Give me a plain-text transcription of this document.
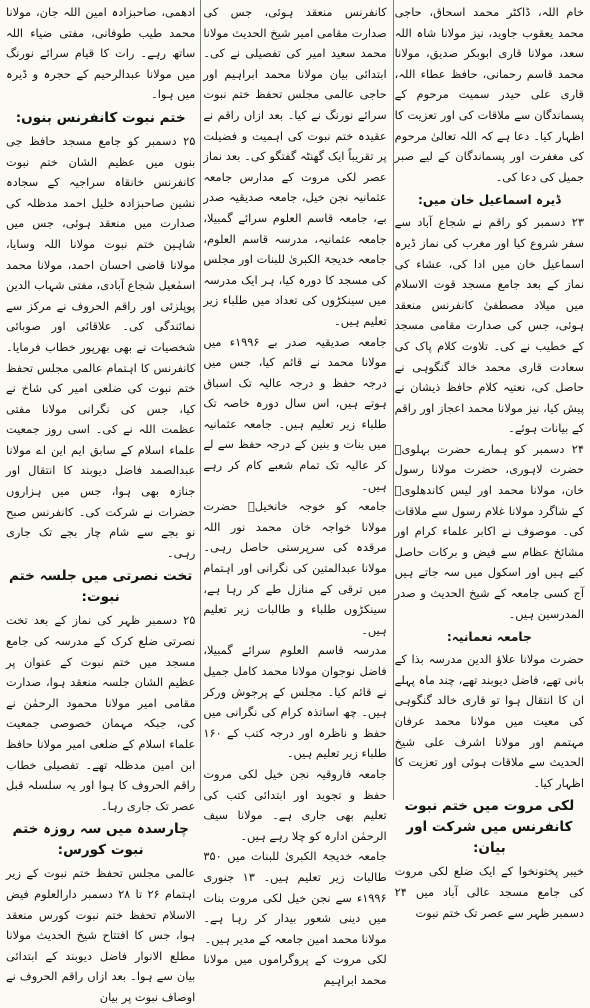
خام اللہ، ڈاکٹر محمد اسحاق، حاجی محمد یعقوب جاوید، نیز مولانا شاہ اللہ سعد، مولانا قاری ابوبکر صدیق، مولانا محمد قاسم رحمانی، حافظ عطاء اللہ، قاری علی حیدر سمیت مرحوم کے پسماندگان سے ملاقات کی اور تعزیت کا اظہار کیا۔ دعا ہے کہ اللہ تعالیٰ مرحوم کی مغفرت اور پسماندگان کے لیے صبر جمیل کی دعا کی۔

ڈیرہ اسماعیل خان میں:

۲۳ دسمبر کو راقم نے شجاع آباد سے سفر شروع کیا اور مغرب کی نماز ڈیرہ اسماعیل خان میں ادا کی، عشاء کی نماز کے بعد جامع مسجد قوت الاسلام میں میلاد مصطفیٰ کانفرنس منعقد ہوئی، جس کی صدارت مقامی مسجد کے خطیب نے کی۔ تلاوت کلام پاک کی سعادت قاری محمد خالد گنگوہی نے حاصل کی، نعتیہ کلام حافظ ذیشان نے پیش کیا، نیز مولانا محمد اعجاز اور راقم کے بیانات ہوئے۔

۲۴ دسمبر کو ہمارے حضرت بہلویؒ حضرت لاہوری، حضرت مولانا رسول خان، مولانا محمد اور لیس کاندھلویؒ کے شاگرد مولانا غلام رسول سے ملاقات کی۔ موصوف نے اکابر علماء کرام اور مشائخ عظام سے فیض و برکات حاصل کیے ہیں اور اسکول میں سہ جاتے ہیں آج کسی جامعہ کے شیخ الحدیث و صدر المدرسین ہیں۔

جامعہ نعمانیہ:

حضرت مولانا علاؤ الدین مدرسہ بذا کے بانی تھے، فاضل دیوبند تھے، چند ماہ پہلے ان کا انتقال ہوا تو قاری خالد گنگوہی کی معیت میں مولانا محمد عرفان مہتمم اور مولانا اشرف علی شیخ الحدیث سے ملاقات ہوئی اور تعزیت کا اظہار کیا۔

لکی مروت میں ختم نبوت کانفرنس میں شرکت اور بیان:

خیبر پختونخوا کے ایک ضلع لکی مروت کی جامع مسجد عالی آباد میں ۲۴ دسمبر ظہر سے عصر تک ختم نبوت

کانفرنس منعقد ہوئی، جس کی صدارت مقامی امیر شیخ الحدیث مولانا محمد سعید امیر کی تفصیلی نے کی۔ ابتدائی بیان مولانا محمد ابراہیم اور حاجی عالمی مجلس تحفظ ختم نبوت سرائے نورنگ نے کیا۔ بعد ازاں راقم نے عقیدہ ختم نبوت کی اہمیت و فضیلت پر تقریباً ایک گھنٹہ گفتگو کی۔ بعد نماز عصر لکی مروت کے مدارس جامعہ عثمانیہ نجن خیل، جامعہ صدیقیہ صدر بے، جامعہ قاسم العلوم سرائے گمبیلا، جامعہ عثمانیہ، مدرسہ قاسم العلوم، جامعہ خدیجۃ الکبریٰ للبنات اور مجلس کی مسجد کا دورہ کیا، ہر ایک مدرسہ میں سینکڑوں کی تعداد میں طلباء زیر تعلیم ہیں۔

جامعہ صدیقیہ صدر بے ۱۹۹۶ء میں مولانا محمد نے قائم کیا، جس میں درجہ حفظ و درجہ عالیہ تک اسباق ہوتے ہیں، اس سال دورہ خاصہ تک طلباء زیر تعلیم ہیں۔ جامعہ عثمانیہ میں بنات و بنین کے درجہ حفظ سے لے کر عالیہ تک تمام شعبے کام کر رہے ہیں۔

جامعہ کو خوجہ خانخیلؒ حضرت مولانا خواجہ خان محمد نور اللہ مرقدہ کی سرپرستی حاصل رہی۔ مولانا عبدالمتین کی نگرانی اور اہتمام میں ترقی کے منازل طے کر رہا ہے، سینکڑوں طلباء و طالبات زیر تعلیم ہیں۔

مدرسہ قاسم العلوم سرائے گمبیلا، فاضل نوجوان مولانا محمد کامل جمیل نے قائم کیا۔ مجلس کے پرجوش ورکر ہیں۔ چھ اساتذہ کرام کی نگرانی میں حفظ و ناظرہ اور درجہ کتب کے ۱۶۰ طلباء زیر تعلیم ہیں۔

جامعہ فاروقیہ نجن خیل لکی مروت حفظ و تجوید اور ابتدائی کتب کی تعلیم بھی جاری ہے۔ مولانا سیف الرحمٰن ادارہ کو چلا رہے ہیں۔

جامعہ خدیجۃ الکبریٰ للبنات میں ۳۵۰ طالبات زیر تعلیم ہیں۔ ۱۳ جنوری ۱۹۹۶ء سے نجن خیل لکی مروت بنات میں دینی شعور بیدار کر رہا ہے۔ مولانا محمد امین جامعہ کے مدیر ہیں۔

لکی مروت کے پروگراموں میں مولانا محمد ابراہیم

ادھمی، صاحبزادہ امین اللہ جان، مولانا محمد طیب طوفانی، مفتی ضیاء اللہ ساتھ رہے۔ رات کا قیام سرائے نورنگ میں مولانا عبدالرحیم کے حجرہ و ڈیرہ میں ہوا۔

ختم نبوت کانفرنس بنوں:

۲۵ دسمبر کو جامع مسجد حافظ جی بنوں میں عظیم الشان ختم نبوت کانفرنس خانقاہ سراجیہ کے سجادہ نشین صاحبزادہ خلیل احمد مدظلہ کی صدارت میں منعقد ہوئی، جس میں شاہین ختم نبوت مولانا اللہ وسایا، مولانا قاضی احسان احمد، مولانا محمد اسمٰعیل شجاع آبادی، مفتی شہاب الدین پوپلزئی اور راقم الحروف نے مرکز سے نمائندگی کی۔ علاقائی اور صوبائی شخصیات نے بھی بھرپور خطاب فرمایا۔ کانفرنس کا اہتمام عالمی مجلس تحفظ ختم نبوت کی ضلعی امیر کی شاخ نے کیا، جس کی نگرانی مولانا مفتی عظمت اللہ نے کی۔ اسی روز جمعیت علماء اسلام کے سابق ایم این اے مولانا عبدالصمد فاضل دیوبند کا انتقال اور جنازہ بھی ہوا، جس میں ہزاروں حضرات نے شرکت کی۔ کانفرنس صبح نو بجے سے شام چار بجے تک جاری رہی۔

تخت نصرتی میں جلسہ ختم نبوت:

۲۵ دسمبر ظہر کی نماز کے بعد تخت نصرتی ضلع کرک کے مدرسہ کی جامع مسجد میں ختم نبوت کے عنوان پر عظیم الشان جلسہ منعقد ہوا، صدارت مقامی امیر مولانا محمود الرحمٰن نے کی، جبکہ مہمان خصوصی جمعیت علماء اسلام کے ضلعی امیر مولانا حافظ ابن امین مدظلہ تھے۔ تفصیلی خطاب راقم الحروف کا ہوا اور یہ سلسلہ قبل عصر تک جاری رہا۔

چارسدہ میں سہ روزہ ختم نبوت کورس:

عالمی مجلس تحفظ ختم نبوت کے زیر اہتمام ۲۶ تا ۲۸ دسمبر دارالعلوم فیض الاسلام تحفظ ختم نبوت کورس منعقد ہوا، جس کا افتتاح شیخ الحدیث مولانا مطلع الانوار فاضل دیوبند کے ابتدائی بیان سے ہوا۔ بعد ازاں راقم الحروف نے اوصاف نبوت پر بیان
